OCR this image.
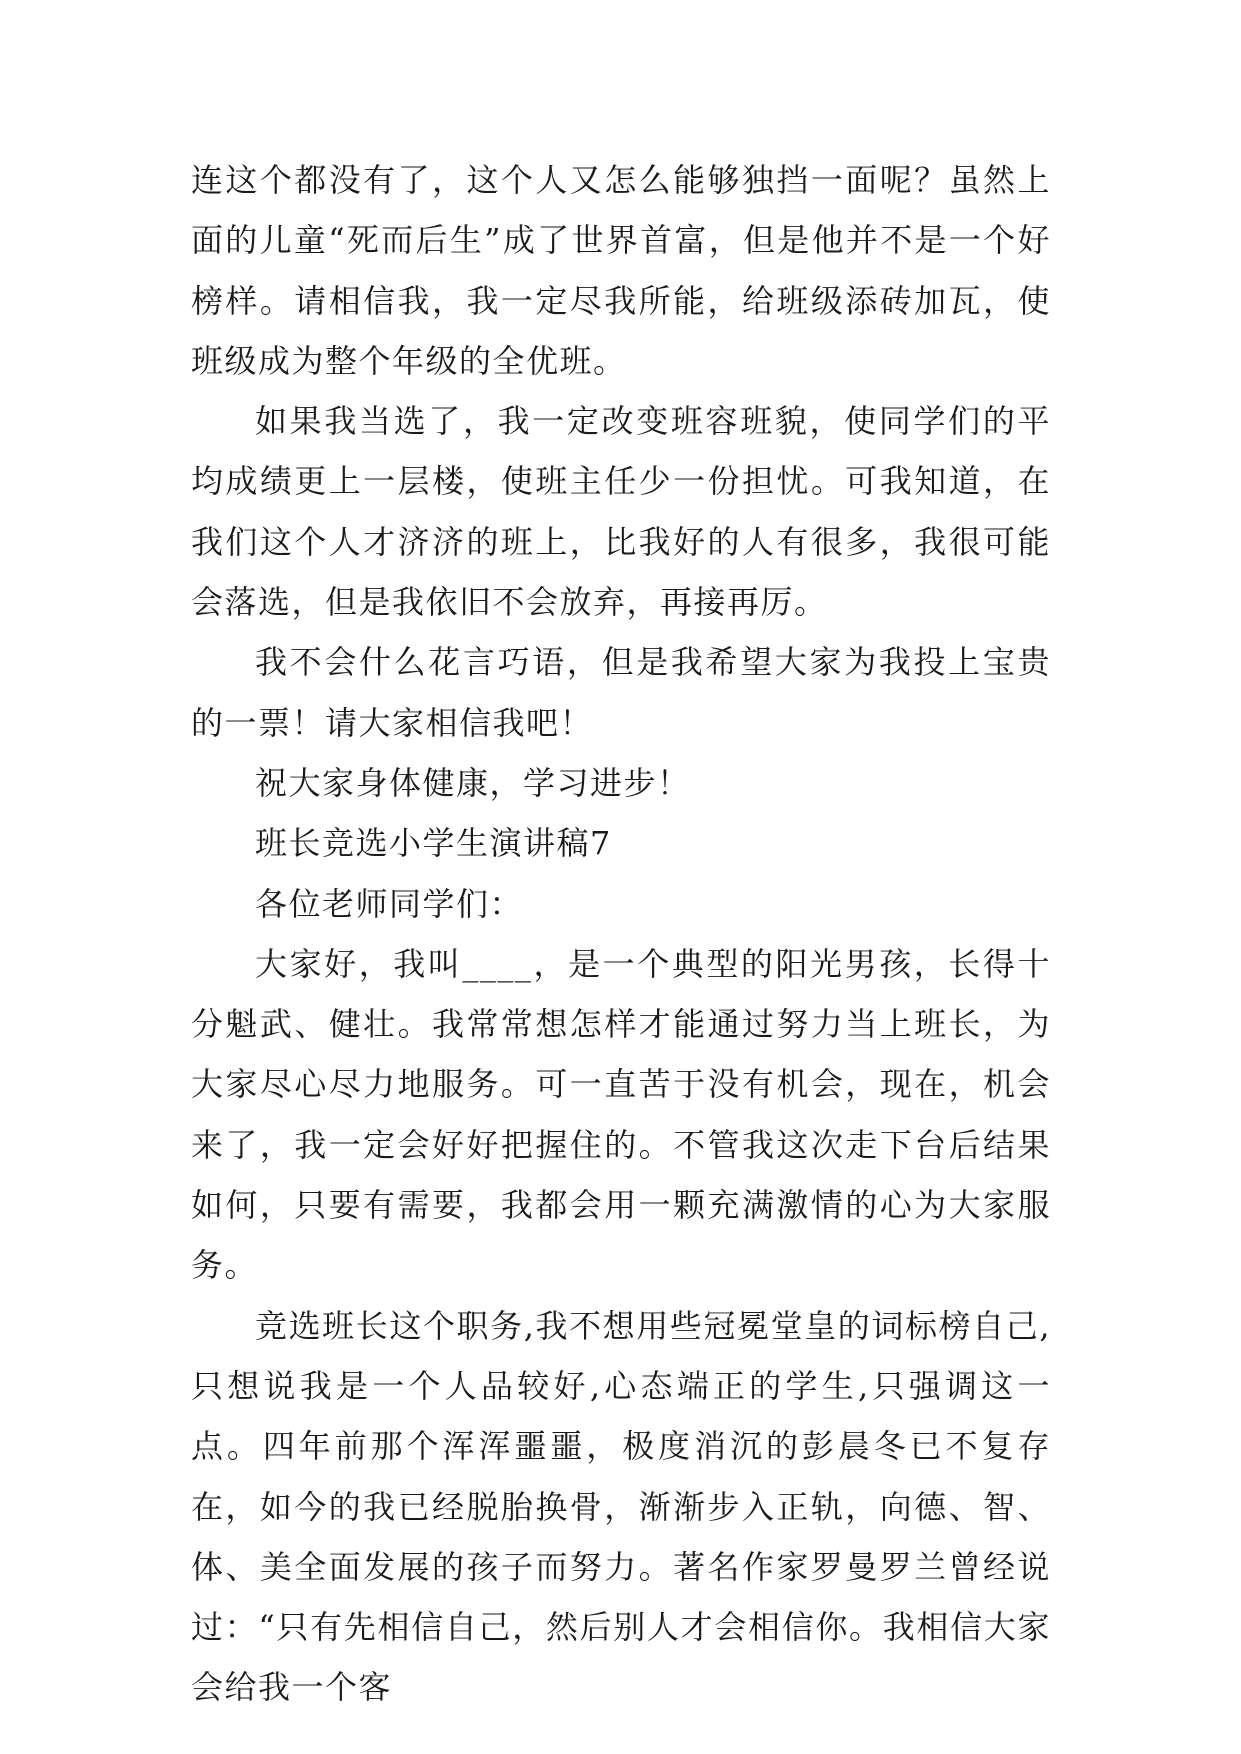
连这个都没有了，这个人又怎么能够独挡一面呢？虽然上面的儿童“死而后生”成了世界首富，但是他并不是一个好榜样。请相信我，我一定尽我所能，给班级添砖加瓦，使班级成为整个年级的全优班。

如果我当选了，我一定改变班容班貌，使同学们的平均成绩更上一层楼，使班主任少一份担忧。可我知道，在我们这个人才济济的班上，比我好的人有很多，我很可能会落选，但是我依旧不会放弃，再接再厉。

我不会什么花言巧语，但是我希望大家为我投上宝贵的一票！请大家相信我吧！

祝大家身体健康，学习进步！

班长竞选小学生演讲稿7

各位老师同学们：

大家好，我叫____，是一个典型的阳光男孩，长得十分魁武、健壮。我常常想怎样才能通过努力当上班长，为大家尽心尽力地服务。可一直苦于没有机会，现在，机会来了，我一定会好好把握住的。不管我这次走下台后结果如何，只要有需要，我都会用一颗充满激情的心为大家服务。

竞选班长这个职务,我不想用些冠冕堂皇的词标榜自己,只想说我是一个人品较好,心态端正的学生,只强调这一点。四年前那个浑浑噩噩，极度消沉的彭晨冬已不复存在，如今的我已经脱胎换骨，渐渐步入正轨，向德、智、体、美全面发展的孩子而努力。著名作家罗曼罗兰曾经说过：“只有先相信自己，然后别人才会相信你。我相信大家会给我一个客
